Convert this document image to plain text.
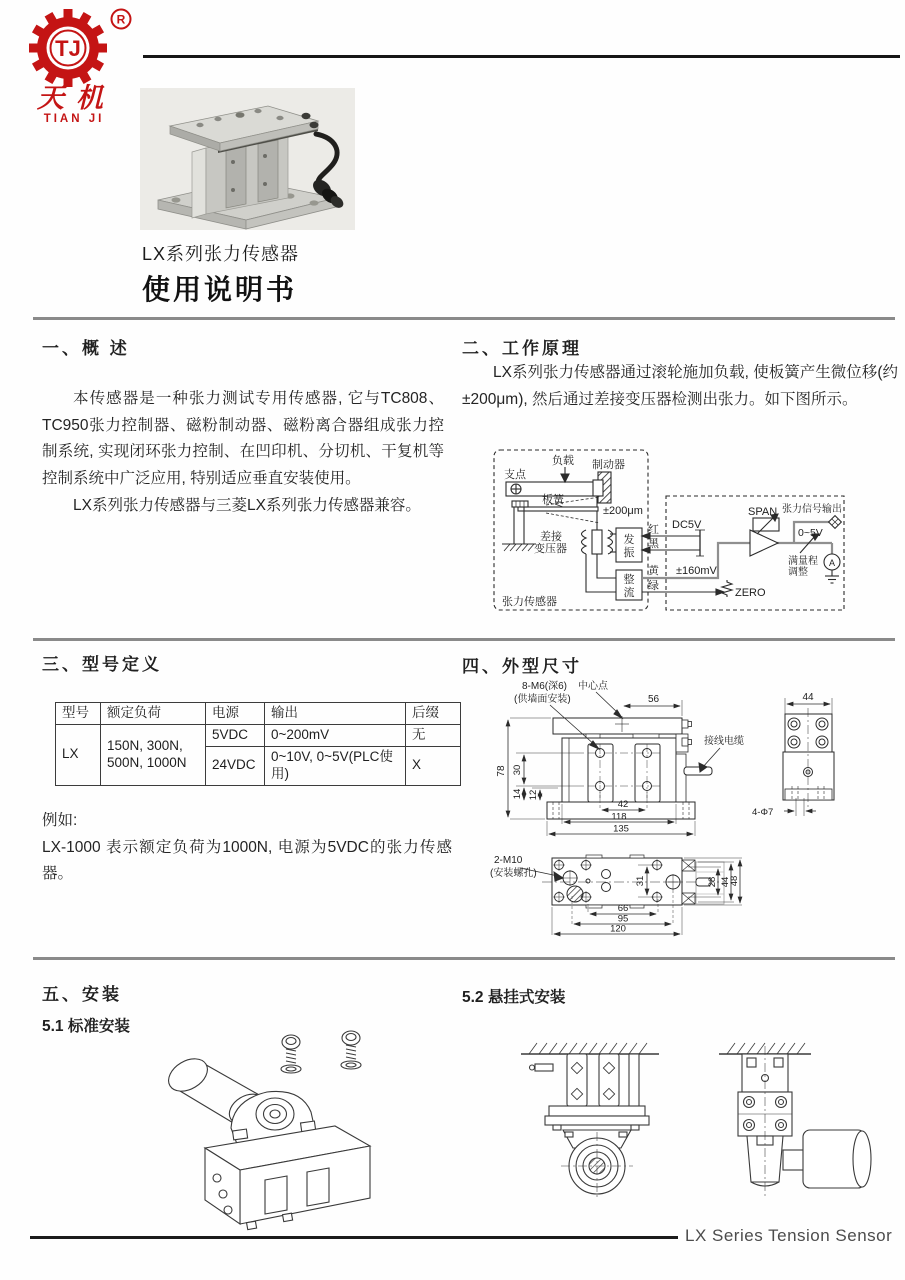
TJ
R
天机
TIAN JI
LX系列张力传感器
使用说明书
一、概 述
本传感器是一种张力测试专用传感器, 它与TC808、TC950张力控制器、磁粉制动器、磁粉离合器组成张力控制系统, 实现闭环张力控制、在凹印机、分切机、干复机等控制系统中广泛应用, 特别适应垂直安装使用。
LX系列张力传感器与三菱LX系列张力传感器兼容。
二、工作原理
LX系列张力传感器通过滚轮施加负载, 使板簧产生微位移(约±200μm), 然后通过差接变压器检测出张力。如下图所示。
支点
负载 制动器
板簧
±200μm
差接
变压器
发
振
整
流
红
黑
黄
绿
DC5V
±160mV
SPAN 张力信号输出
0~5V
满量程
调整
ZERO
A
张力传感器
三、型号定义
型号	额定负荷	电源	输出	后缀
LX	150N, 300N,
500N, 1000N	5VDC	0~200mV	无
		24VDC	0~10V, 0~5V(PLC使用)	X
例如:
LX-1000 表示额定负荷为1000N, 电源为5VDC的张力传感器。
四、外型尺寸
8-M6(深6)
(供墙面安装)
中心点
56
78 30
14 12
42
118
135
接线电缆
44
4-Φ7
2-M10
(安装螺孔)
31	28 44
48
66
95
120
五、安装
5.1 标准安装
5.2 悬挂式安装
LX Series Tension Sensor
